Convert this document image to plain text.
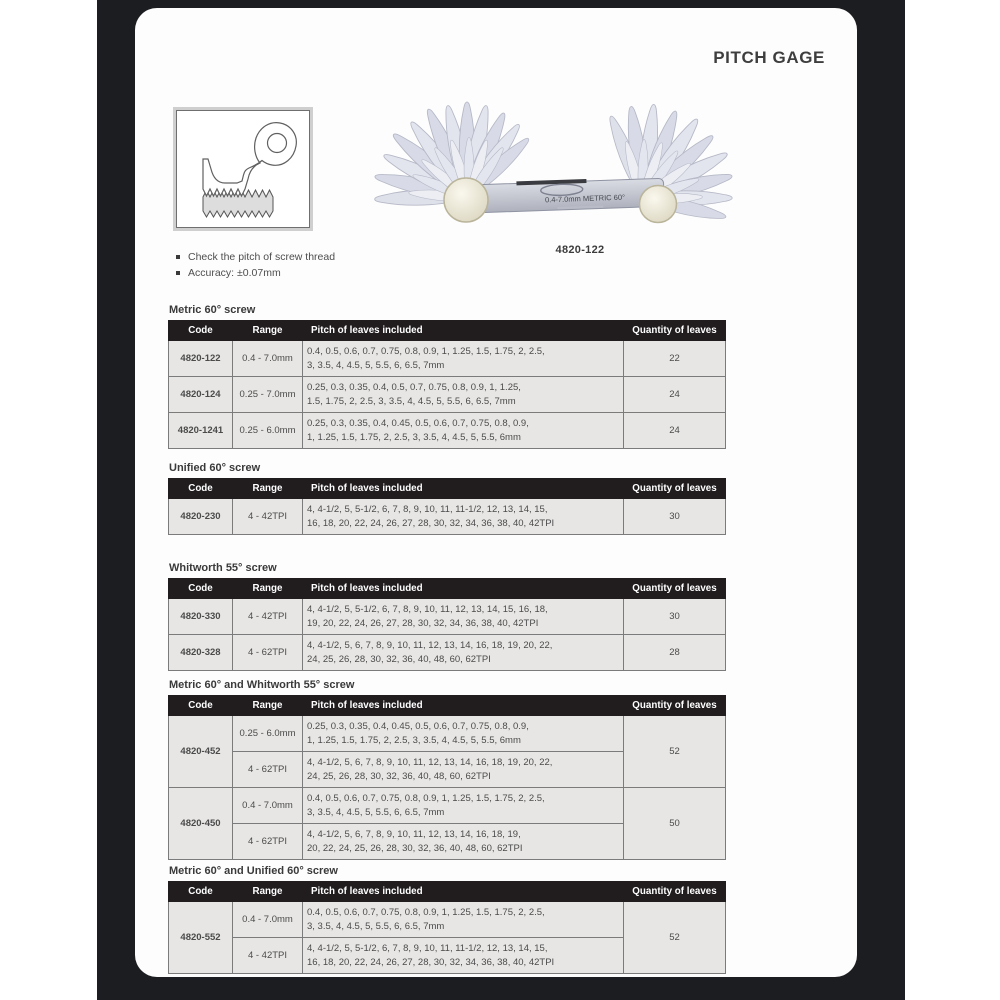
PITCH GAGE
Check the pitch of screw thread
Accuracy: ±0.07mm
0.4-7.0mm METRIC 60°
4820-122
Metric 60° screw
Code	Range	Pitch of leaves included	Quantity of leaves
4820-122	0.4 - 7.0mm	0.4, 0.5, 0.6, 0.7, 0.75, 0.8, 0.9, 1, 1.25, 1.5, 1.75, 2, 2.5,
3, 3.5, 4, 4.5, 5, 5.5, 6, 6.5, 7mm	22
4820-124	0.25 - 7.0mm	0.25, 0.3, 0.35, 0.4, 0.5, 0.7, 0.75, 0.8, 0.9, 1, 1.25,
1.5, 1.75, 2, 2.5, 3, 3.5, 4, 4.5, 5, 5.5, 6, 6.5, 7mm	24
4820-1241	0.25 - 6.0mm	0.25, 0.3, 0.35, 0.4, 0.45, 0.5, 0.6, 0.7, 0.75, 0.8, 0.9,
1, 1.25, 1.5, 1.75, 2, 2.5, 3, 3.5, 4, 4.5, 5, 5.5, 6mm	24
Unified 60° screw
Code	Range	Pitch of leaves included	Quantity of leaves
4820-230	4 - 42TPI	4, 4-1/2, 5, 5-1/2, 6, 7, 8, 9, 10, 11, 11-1/2, 12, 13, 14, 15,
16, 18, 20, 22, 24, 26, 27, 28, 30, 32, 34, 36, 38, 40, 42TPI	30
Whitworth 55° screw
Code	Range	Pitch of leaves included	Quantity of leaves
4820-330	4 - 42TPI	4, 4-1/2, 5, 5-1/2, 6, 7, 8, 9, 10, 11, 12, 13, 14, 15, 16, 18,
19, 20, 22, 24, 26, 27, 28, 30, 32, 34, 36, 38, 40, 42TPI	30
4820-328	4 - 62TPI	4, 4-1/2, 5, 6, 7, 8, 9, 10, 11, 12, 13, 14, 16, 18, 19, 20, 22,
24, 25, 26, 28, 30, 32, 36, 40, 48, 60, 62TPI	28
Metric 60° and Whitworth 55° screw
Code	Range	Pitch of leaves included	Quantity of leaves
4820-452	0.25 - 6.0mm	0.25, 0.3, 0.35, 0.4, 0.45, 0.5, 0.6, 0.7, 0.75, 0.8, 0.9,
1, 1.25, 1.5, 1.75, 2, 2.5, 3, 3.5, 4, 4.5, 5, 5.5, 6mm	52
	4 - 62TPI	4, 4-1/2, 5, 6, 7, 8, 9, 10, 11, 12, 13, 14, 16, 18, 19, 20, 22,
24, 25, 26, 28, 30, 32, 36, 40, 48, 60, 62TPI	

4820-450	0.4 - 7.0mm	0.4, 0.5, 0.6, 0.7, 0.75, 0.8, 0.9, 1, 1.25, 1.5, 1.75, 2, 2.5,
3, 3.5, 4, 4.5, 5, 5.5, 6, 6.5, 7mm	50
	4 - 62TPI	4, 4-1/2, 5, 6, 7, 8, 9, 10, 11, 12, 13, 14, 16, 18, 19,
20, 22, 24, 25, 26, 28, 30, 32, 36, 40, 48, 60, 62TPI	
Metric 60° and Unified 60° screw
Code	Range	Pitch of leaves included	Quantity of leaves
4820-552	0.4 - 7.0mm	0.4, 0.5, 0.6, 0.7, 0.75, 0.8, 0.9, 1, 1.25, 1.5, 1.75, 2, 2.5,
3, 3.5, 4, 4.5, 5, 5.5, 6, 6.5, 7mm	52
	4 - 42TPI	4, 4-1/2, 5, 5-1/2, 6, 7, 8, 9, 10, 11, 11-1/2, 12, 13, 14, 15,
16, 18, 20, 22, 24, 26, 27, 28, 30, 32, 34, 36, 38, 40, 42TPI	
